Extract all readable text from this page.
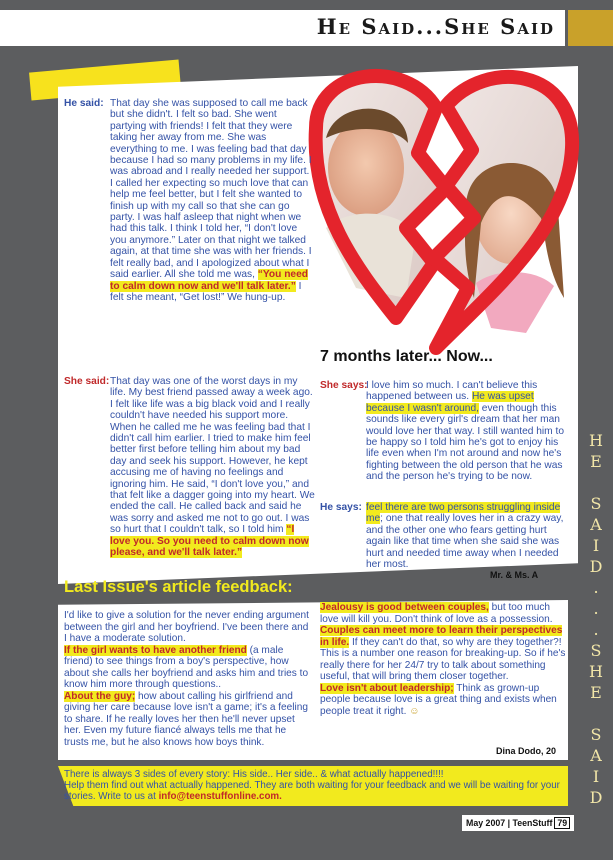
He Said...She Said
He said: That day she was supposed to call me back but she didn't. I felt so bad. She went partying with friends! I felt that they were taking her away from me. She was everything to me. I was feeling bad that day because I had so many problems in my life. I was abroad and I really needed her support. I called her expecting so much love that can help me feel better, but I felt she wanted to finish up with my call so that she can go party. I was half asleep that night when we had this talk. I think I told her, “I don't love you anymore.” Later on that night we talked again, at that time she was with her friends. I felt really bad, and I apologized about what I said earlier. All she told me was, “You need to calm down now and we'll talk later.” I felt she meant, “Get lost!” We hung-up.
She said: That day was one of the worst days in my life. My best friend passed away a week ago. I felt like life was a big black void and I really couldn't have needed his support more. When he called me he was feeling bad that I didn't call him earlier. I tried to make him feel better first before telling him about my bad day and seek his support. However, he kept accusing me of having no feelings and ignoring him. He said, “I don't love you,” and that felt like a dagger going into my heart. We ended the call. He called back and said he was sorry and asked me not to go out. I was so hurt that I couldn't talk, so I told him “I love you. So you need to calm down now please, and we'll talk later.”
7 months later... Now...
She says:
I love him so much. I can't believe this happened between us. He was upset because I wasn't around, even though this sounds like every girl's dream that her man would love her that way. I still wanted him to be happy so I told him he's got to enjoy his life even when I'm not around and now he's fighting between the old person that he was and the person he's trying to be now.
He says: feel there are two persons struggling inside me; one that really loves her in a crazy way, and the other one who fears getting hurt again like that time when she said she was hurt and needed time away when I needed her most.
Mr. & Ms. A
H
E

S
A
I
D
.
.
.
S
H
E

S
A
I
D
Last Issue's article feedback:
I'd like to give a solution for the never ending argument between the girl and her boyfriend. I've been there and I have a moderate solution.
If the girl wants to have another friend (a male friend) to see things from a boy's perspective, how about she calls her boyfriend and asks him and tries to know him more through questions..
About the guy; how about calling his girlfriend and giving her care because love isn't a game; it's a feeling to share. If he really loves her then he'll never upset her. Even my future fiancé always tells me that he trusts me, but he also knows how boys think.
Jealousy is good between couples, but too much love will kill you. Don't think of love as a possession.
Couples can meet more to learn their perspectives in life. If they can't do that, so why are they together?! This is a number one reason for breaking-up. So if he's really there for her 24/7 try to talk about something useful, that will bring them closer together.
Love isn't about leadership; Think as grown-up people because love is a great thing and exists when people treat it right. ☺
Dina Dodo, 20
There is always 3 sides of every story: His side.. Her side.. & what actually happened!!!!
Help them find out what actually happened. They are both waiting for your feedback and we will be waiting for your stories. Write to us at info@teenstuffonline.com.
May 2007 | TeenStuff 79
